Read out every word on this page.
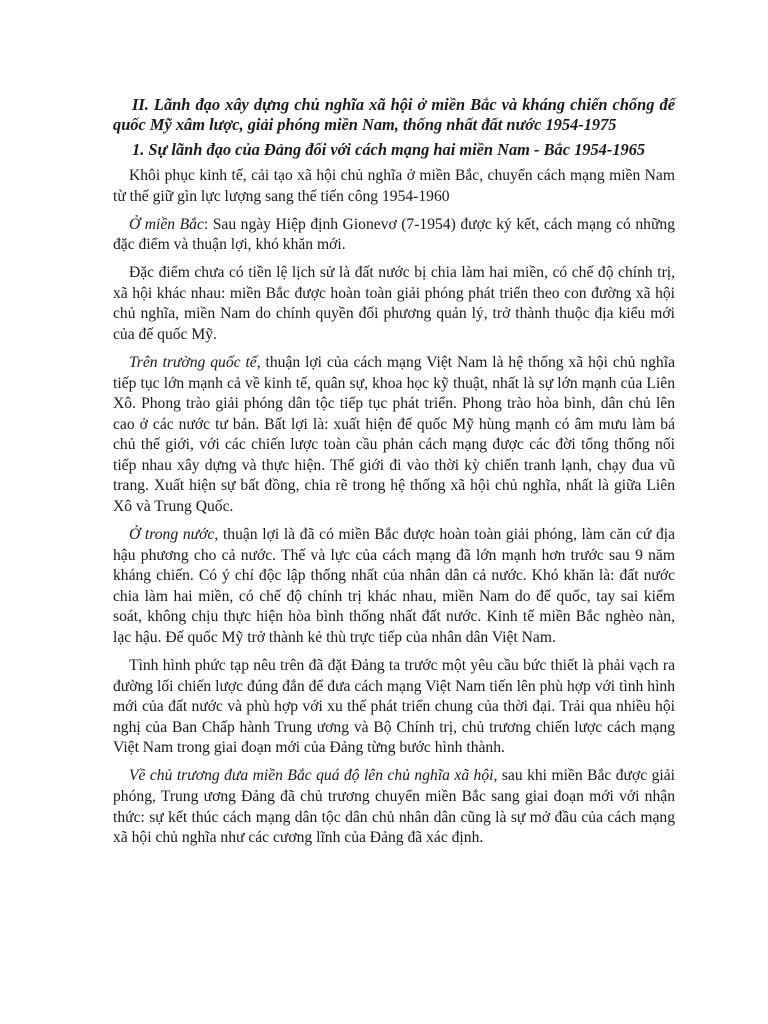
II. Lãnh đạo xây dựng chủ nghĩa xã hội ở miền Bắc và kháng chiến chống đế quốc Mỹ xâm lược, giải phóng miền Nam, thống nhất đất nước 1954-1975
1. Sự lãnh đạo của Đảng đối với cách mạng hai miền Nam - Bắc 1954-1965

Khôi phục kinh tế, cải tạo xã hội chủ nghĩa ở miền Bắc, chuyển cách mạng miền Nam từ thế giữ gìn lực lượng sang thế tiến công 1954-1960

Ở miền Bắc: Sau ngày Hiệp định Gionevơ (7-1954) được ký kết, cách mạng có những đặc điểm và thuận lợi, khó khăn mới.

Đặc điểm chưa có tiền lệ lịch sử là đất nước bị chia làm hai miền, có chế độ chính trị, xã hội khác nhau: miền Bắc được hoàn toàn giải phóng phát triển theo con đường xã hội chủ nghĩa, miền Nam do chính quyền đối phương quản lý, trở thành thuộc địa kiểu mới của đế quốc Mỹ.

Trên trường quốc tế, thuận lợi của cách mạng Việt Nam là hệ thống xã hội chủ nghĩa tiếp tục lớn mạnh cả về kinh tế, quân sự, khoa học kỹ thuật, nhất là sự lớn mạnh của Liên Xô. Phong trào giải phóng dân tộc tiếp tục phát triển. Phong trào hòa bình, dân chủ lên cao ở các nước tư bản. Bất lợi là: xuất hiện đế quốc Mỹ hùng mạnh có âm mưu làm bá chủ thế giới, với các chiến lược toàn cầu phản cách mạng được các đời tổng thống nối tiếp nhau xây dựng và thực hiện. Thế giới đi vào thời kỳ chiến tranh lạnh, chạy đua vũ trang. Xuất hiện sự bất đồng, chia rẽ trong hệ thống xã hội chủ nghĩa, nhất là giữa Liên Xô và Trung Quốc.

Ở trong nước, thuận lợi là đã có miền Bắc được hoàn toàn giải phóng, làm căn cứ địa hậu phương cho cả nước. Thế và lực của cách mạng đã lớn mạnh hơn trước sau 9 năm kháng chiến. Có ý chí độc lập thống nhất của nhân dân cả nước. Khó khăn là: đất nước chia làm hai miền, có chế độ chính trị khác nhau, miền Nam do đế quốc, tay sai kiểm soát, không chịu thực hiện hòa bình thống nhất đất nước. Kinh tế miền Bắc nghèo nàn, lạc hậu. Đế quốc Mỹ trở thành kẻ thù trực tiếp của nhân dân Việt Nam.

Tình hình phức tạp nêu trên đã đặt Đảng ta trước một yêu cầu bức thiết là phải vạch ra đường lối chiến lược đúng đắn để đưa cách mạng Việt Nam tiến lên phù hợp với tình hình mới của đất nước và phù hợp với xu thế phát triển chung của thời đại. Trải qua nhiều hội nghị của Ban Chấp hành Trung ương và Bộ Chính trị, chủ trương chiến lược cách mạng Việt Nam trong giai đoạn mới của Đảng từng bước hình thành.

Về chủ trương đưa miền Bắc quá độ lên chủ nghĩa xã hội, sau khi miền Bắc được giải phóng, Trung ương Đảng đã chủ trương chuyển miền Bắc sang giai đoạn mới với nhận thức: sự kết thúc cách mạng dân tộc dân chủ nhân dân cũng là sự mở đầu của cách mạng xã hội chủ nghĩa như các cương lĩnh của Đảng đã xác định.
